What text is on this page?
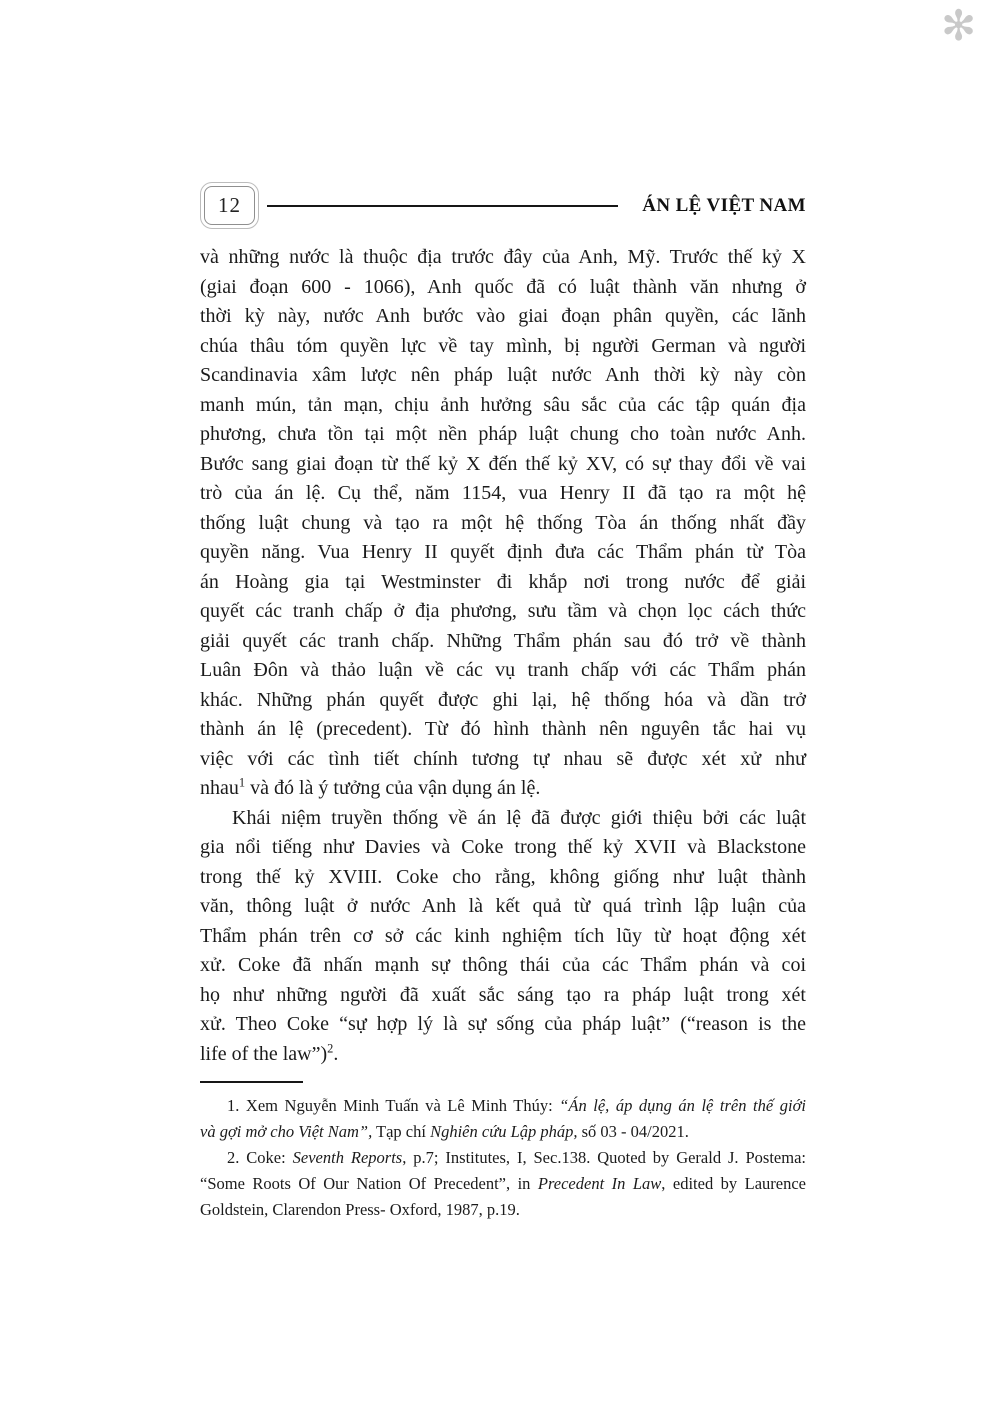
✻
12	ÁN LỆ VIỆT NAM
và những nước là thuộc địa trước đây của Anh, Mỹ. Trước thế kỷ X
(giai đoạn 600 - 1066), Anh quốc đã có luật thành văn nhưng ở
thời kỳ này, nước Anh bước vào giai đoạn phân quyền, các lãnh
chúa thâu tóm quyền lực về tay mình, bị người German và người
Scandinavia xâm lược nên pháp luật nước Anh thời kỳ này còn
manh mún, tản mạn, chịu ảnh hưởng sâu sắc của các tập quán địa
phương, chưa tồn tại một nền pháp luật chung cho toàn nước Anh.
Bước sang giai đoạn từ thế kỷ X đến thế kỷ XV, có sự thay đổi về vai
trò của án lệ. Cụ thể, năm 1154, vua Henry II đã tạo ra một hệ
thống luật chung và tạo ra một hệ thống Tòa án thống nhất đầy
quyền năng. Vua Henry II quyết định đưa các Thẩm phán từ Tòa
án Hoàng gia tại Westminster đi khắp nơi trong nước để giải
quyết các tranh chấp ở địa phương, sưu tầm và chọn lọc cách thức
giải quyết các tranh chấp. Những Thẩm phán sau đó trở về thành
Luân Đôn và thảo luận về các vụ tranh chấp với các Thẩm phán
khác. Những phán quyết được ghi lại, hệ thống hóa và dần trở
thành án lệ (precedent). Từ đó hình thành nên nguyên tắc hai vụ
việc với các tình tiết chính tương tự nhau sẽ được xét xử như
nhau$^1$ và đó là ý tưởng của vận dụng án lệ.
Khái niệm truyền thống về án lệ đã được giới thiệu bởi các luật
gia nổi tiếng như Davies và Coke trong thế kỷ XVII và Blackstone
trong thế kỷ XVIII. Coke cho rằng, không giống như luật thành
văn, thông luật ở nước Anh là kết quả từ quá trình lập luận của
Thẩm phán trên cơ sở các kinh nghiệm tích lũy từ hoạt động xét
xử. Coke đã nhấn mạnh sự thông thái của các Thẩm phán và coi
họ như những người đã xuất sắc sáng tạo ra pháp luật trong xét
xử. Theo Coke “sự hợp lý là sự sống của pháp luật” (“reason is the
life of the law”)$^2$.
1. Xem Nguyễn Minh Tuấn và Lê Minh Thúy: “Án lệ, áp dụng án lệ trên thế giới
và gợi mở cho Việt Nam”, Tạp chí Nghiên cứu Lập pháp, số 03 - 04/2021.
2. Coke: Seventh Reports, p.7; Institutes, I, Sec.138. Quoted by Gerald J. Postema:
“Some Roots Of Our Nation Of Precedent”, in Precedent In Law, edited by Laurence
Goldstein, Clarendon Press- Oxford, 1987, p.19.
